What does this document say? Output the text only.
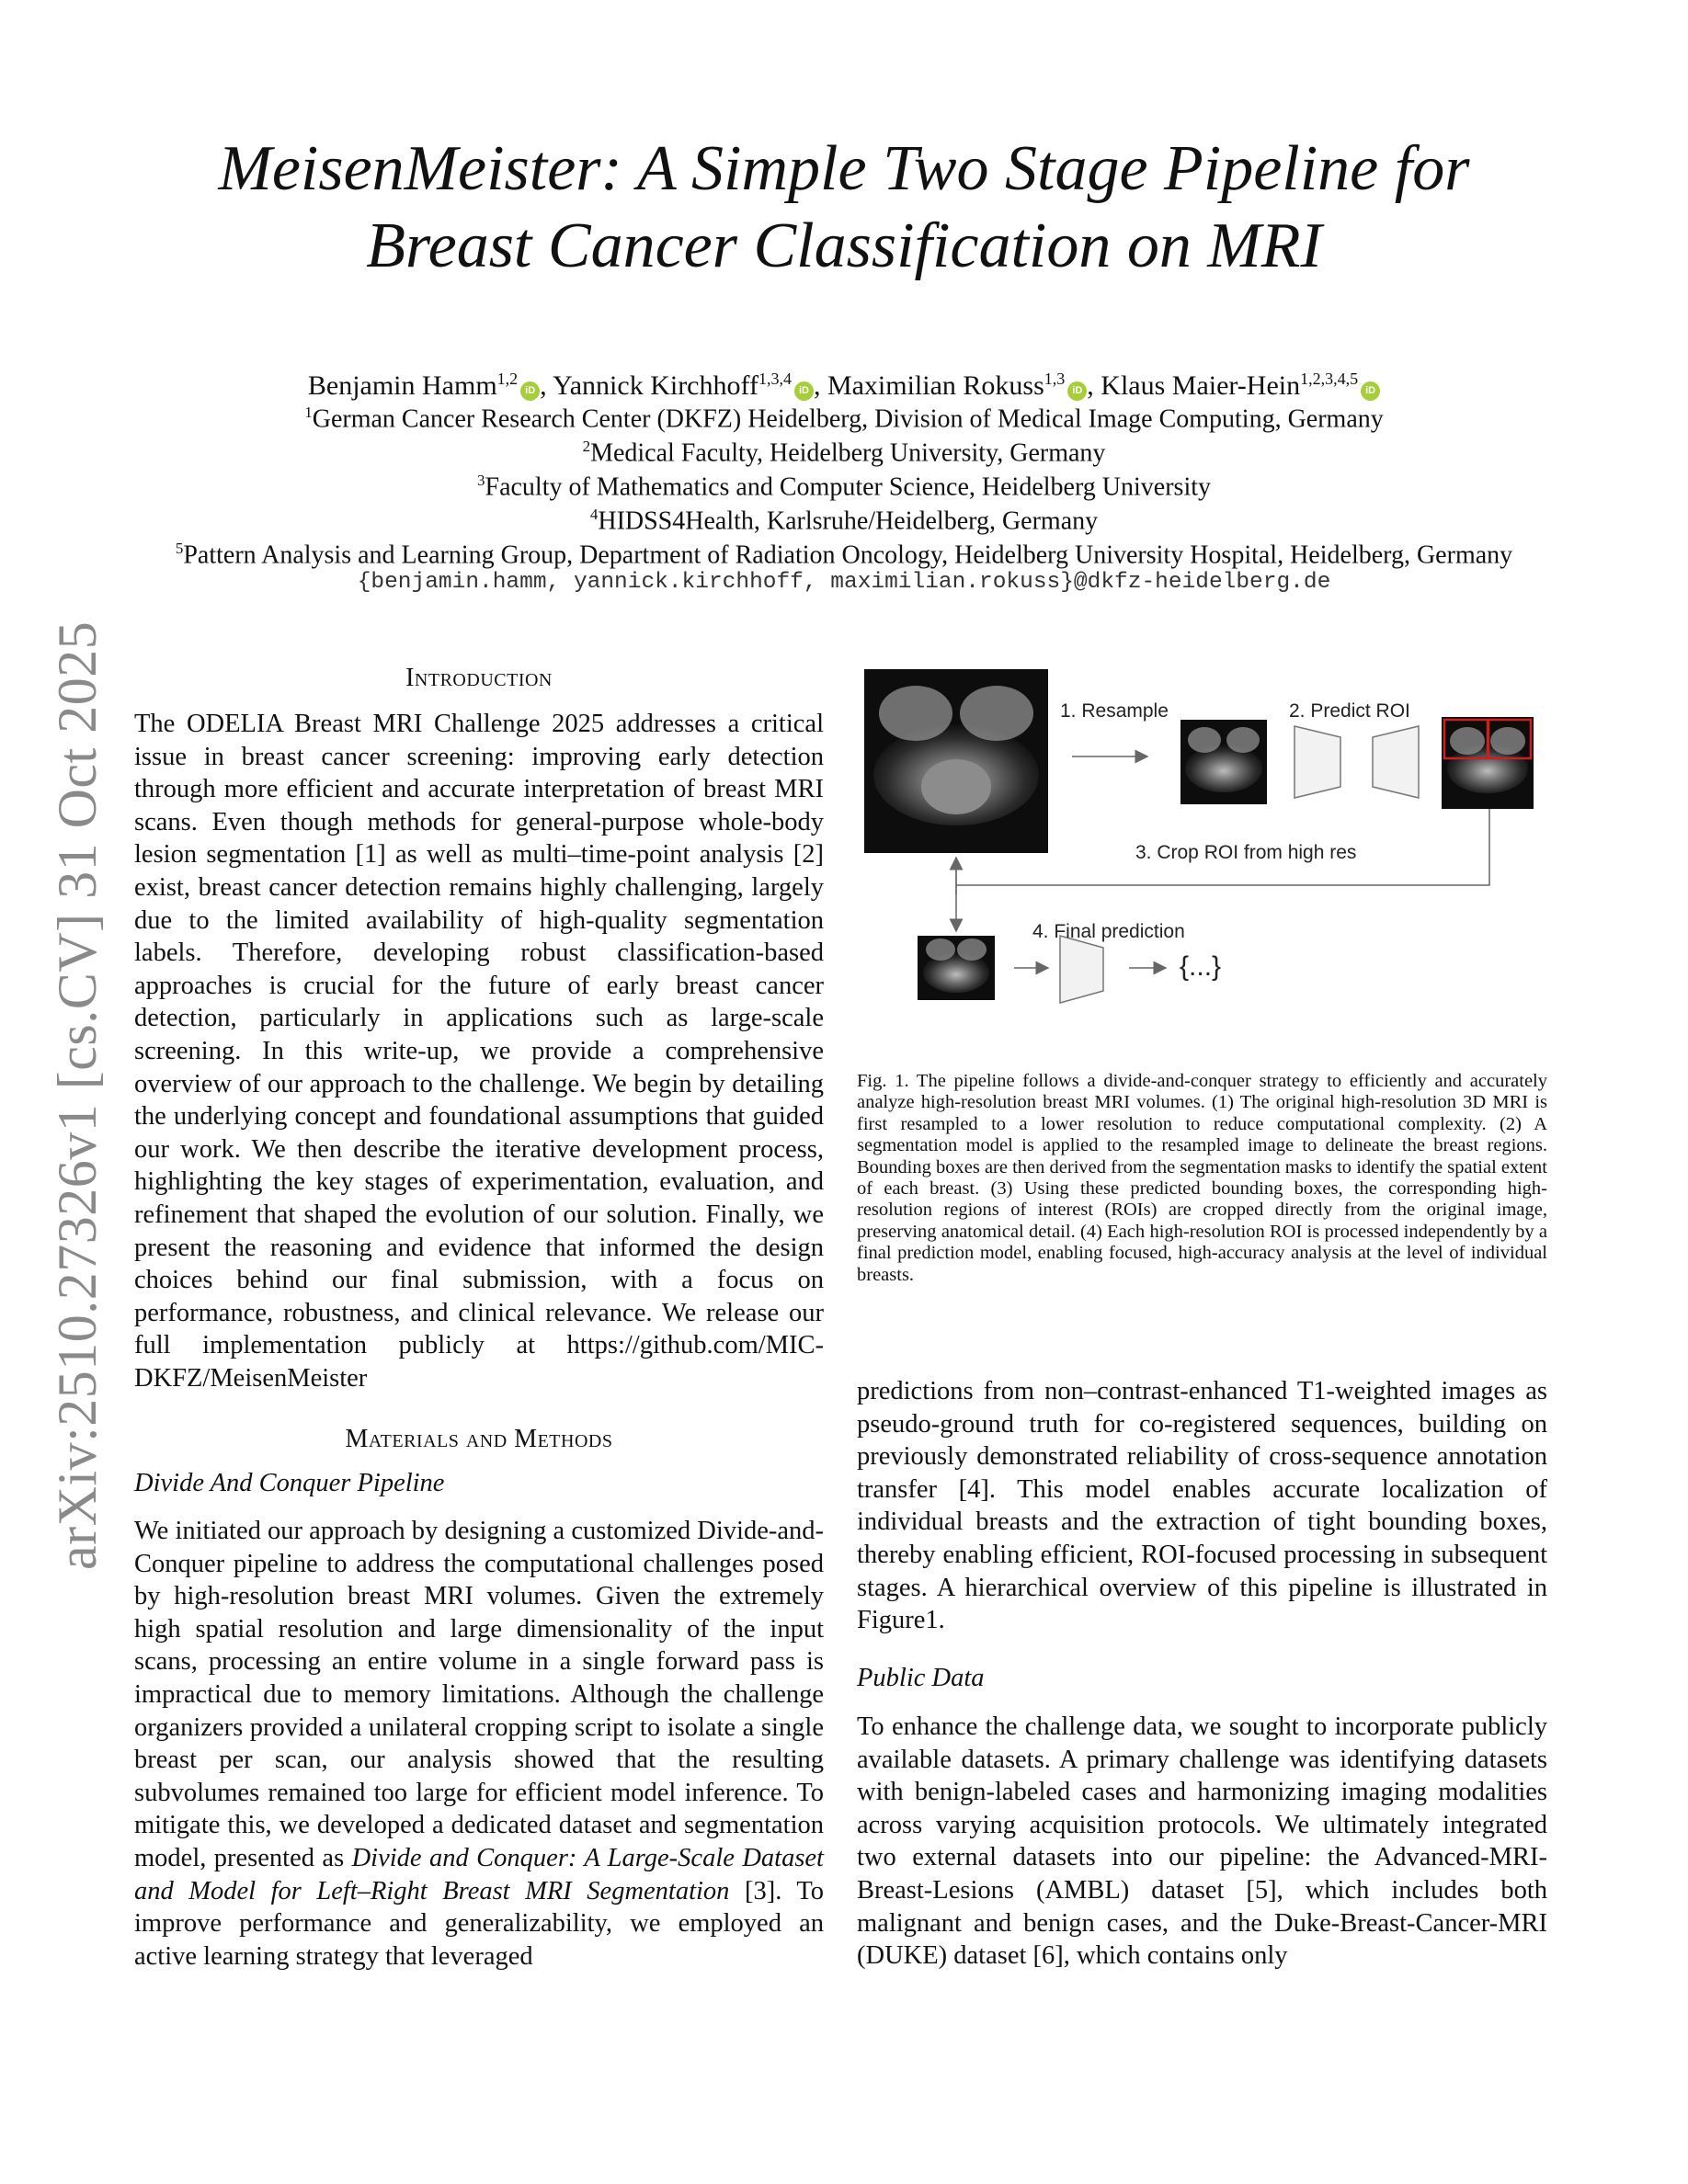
arXiv:2510.27326v1 [cs.CV] 31 Oct 2025
MeisenMeister: A Simple Two Stage Pipeline for
Breast Cancer Classification on MRI
Benjamin Hamm$^{1,2}$iD , Yannick Kirchhoff$^{1,3,4}$iD , Maximilian Rokuss$^{1,3}$iD , Klaus Maier-Hein$^{1,2,3,4,5}$iD
$^1$German Cancer Research Center (DKFZ) Heidelberg, Division of Medical Image Computing, Germany
$^2$Medical Faculty, Heidelberg University, Germany
$^3$Faculty of Mathematics and Computer Science, Heidelberg University
$^4$HIDSS4Health, Karlsruhe/Heidelberg, Germany
$^5$Pattern Analysis and Learning Group, Department of Radiation Oncology, Heidelberg University Hospital, Heidelberg, Germany
{benjamin.hamm, yannick.kirchhoff, maximilian.rokuss}@dkfz-heidelberg.de
Introduction

The ODELIA Breast MRI Challenge 2025 addresses a critical issue in breast cancer screening: improving early detection through more efficient and accurate interpretation of breast MRI scans. Even though methods for general-purpose whole-body lesion segmentation [1] as well as multi–time-point analysis [2] exist, breast cancer detection remains highly challenging, largely due to the limited availability of high-quality segmentation labels. Therefore, developing robust classification-based approaches is crucial for the future of early breast cancer detection, particularly in applications such as large-scale screening. In this write-up, we provide a comprehensive overview of our approach to the challenge. We begin by detailing the underlying concept and foundational assumptions that guided our work. We then describe the iterative development process, highlighting the key stages of experimentation, evaluation, and refinement that shaped the evolution of our solution. Finally, we present the reasoning and evidence that informed the design choices behind our final submission, with a focus on performance, robustness, and clinical relevance. We release our full implementation publicly at https://github.com/MIC-DKFZ/MeisenMeister

Materials and Methods
Divide And Conquer Pipeline

We initiated our approach by designing a customized Divide-and-Conquer pipeline to address the computational challenges posed by high-resolution breast MRI volumes. Given the extremely high spatial resolution and large dimensionality of the input scans, processing an entire volume in a single forward pass is impractical due to memory limitations. Although the challenge organizers provided a unilateral cropping script to isolate a single breast per scan, our analysis showed that the resulting subvolumes remained too large for efficient model inference. To mitigate this, we developed a dedicated dataset and segmentation model, presented as Divide and Conquer: A Large-Scale Dataset and Model for Left–Right Breast MRI Segmentation [3]. To improve performance and generalizability, we employed an active learning strategy that leveraged

1. Resample	2. Predict ROI
3. Crop ROI from high res
4. Final prediction
{...}
Fig. 1. The pipeline follows a divide-and-conquer strategy to efficiently and accurately analyze high-resolution breast MRI volumes. (1) The original high-resolution 3D MRI is first resampled to a lower resolution to reduce computational complexity. (2) A segmentation model is applied to the resampled image to delineate the breast regions. Bounding boxes are then derived from the segmentation masks to identify the spatial extent of each breast. (3) Using these predicted bounding boxes, the corresponding high-resolution regions of interest (ROIs) are cropped directly from the original image, preserving anatomical detail. (4) Each high-resolution ROI is processed independently by a final prediction model, enabling focused, high-accuracy analysis at the level of individual breasts.

predictions from non–contrast-enhanced T1-weighted images as pseudo-ground truth for co-registered sequences, building on previously demonstrated reliability of cross-sequence annotation transfer [4]. This model enables accurate localization of individual breasts and the extraction of tight bounding boxes, thereby enabling efficient, ROI-focused processing in subsequent stages. A hierarchical overview of this pipeline is illustrated in Figure1.

Public Data

To enhance the challenge data, we sought to incorporate publicly available datasets. A primary challenge was identifying datasets with benign-labeled cases and harmonizing imaging modalities across varying acquisition protocols. We ultimately integrated two external datasets into our pipeline: the Advanced-MRI-Breast-Lesions (AMBL) dataset [5], which includes both malignant and benign cases, and the Duke-Breast-Cancer-MRI (DUKE) dataset [6], which contains only
